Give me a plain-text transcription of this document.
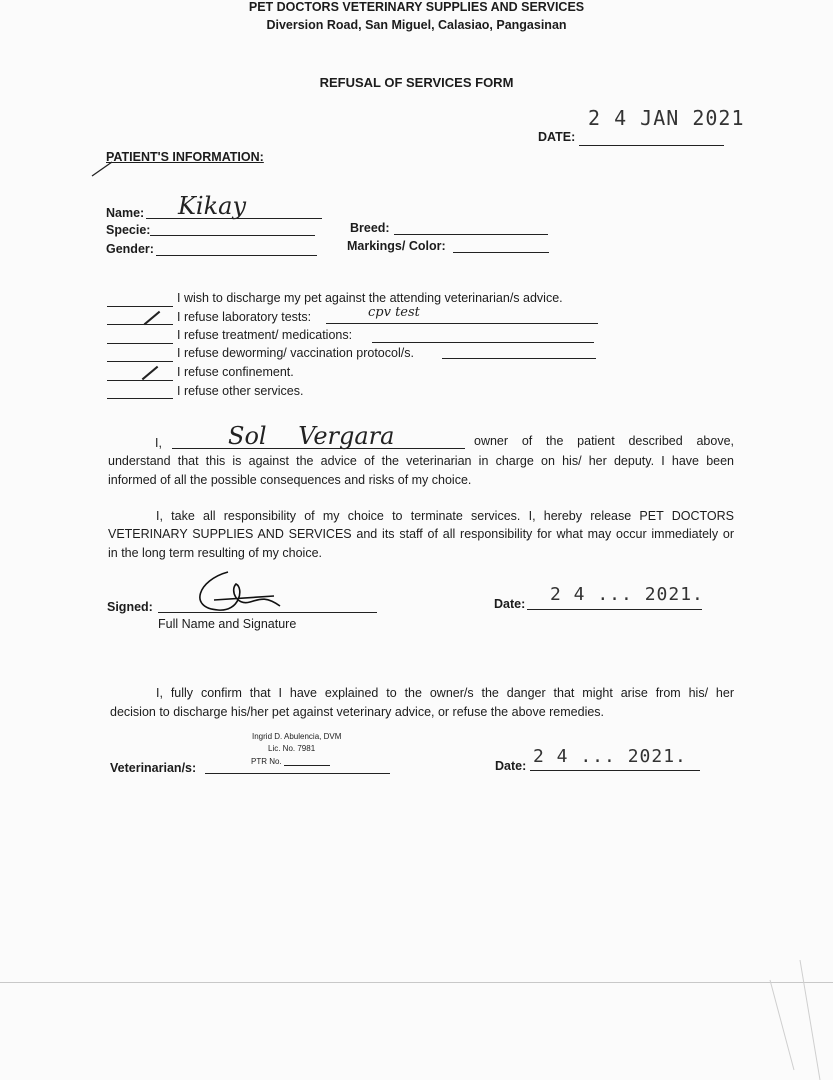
PET DOCTORS VETERINARY SUPPLIES AND SERVICES
Diversion Road, San Miguel, Calasiao, Pangasinan
REFUSAL OF SERVICES FORM
2 4 JAN 2021
DATE:
PATIENT'S INFORMATION:
Name: Kikay
Specie:
Gender:
Breed:
Markings/ Color:
I wish to discharge my pet against the attending veterinarian/s advice.
I refuse laboratory tests:	cpv test
I refuse treatment/ medications:
I refuse deworming/ vaccination protocol/s.
I refuse confinement.
I refuse other services.
I,	Sol Vergara	owner of the patient described above,
understand that this is against the advice of the veterinarian in charge on his/ her deputy. I have been
informed of all the possible consequences and risks of my choice.
I, take all responsibility of my choice to terminate services. I, hereby release PET DOCTORS
VETERINARY SUPPLIES AND SERVICES and its staff of all responsibility for what may occur immediately or
in the long term resulting of my choice.
Signed:
Full Name and Signature
Date: 2 4 ... 2021.
I, fully confirm that I have explained to the owner/s the danger that might arise from his/ her
decision to discharge his/her pet against veterinary advice, or refuse the above remedies.
Ingrid D. Abulencia, DVM
Lic. No. 7981
PTR No.
Veterinarian/s:	Date: 2 4 ... 2021.
